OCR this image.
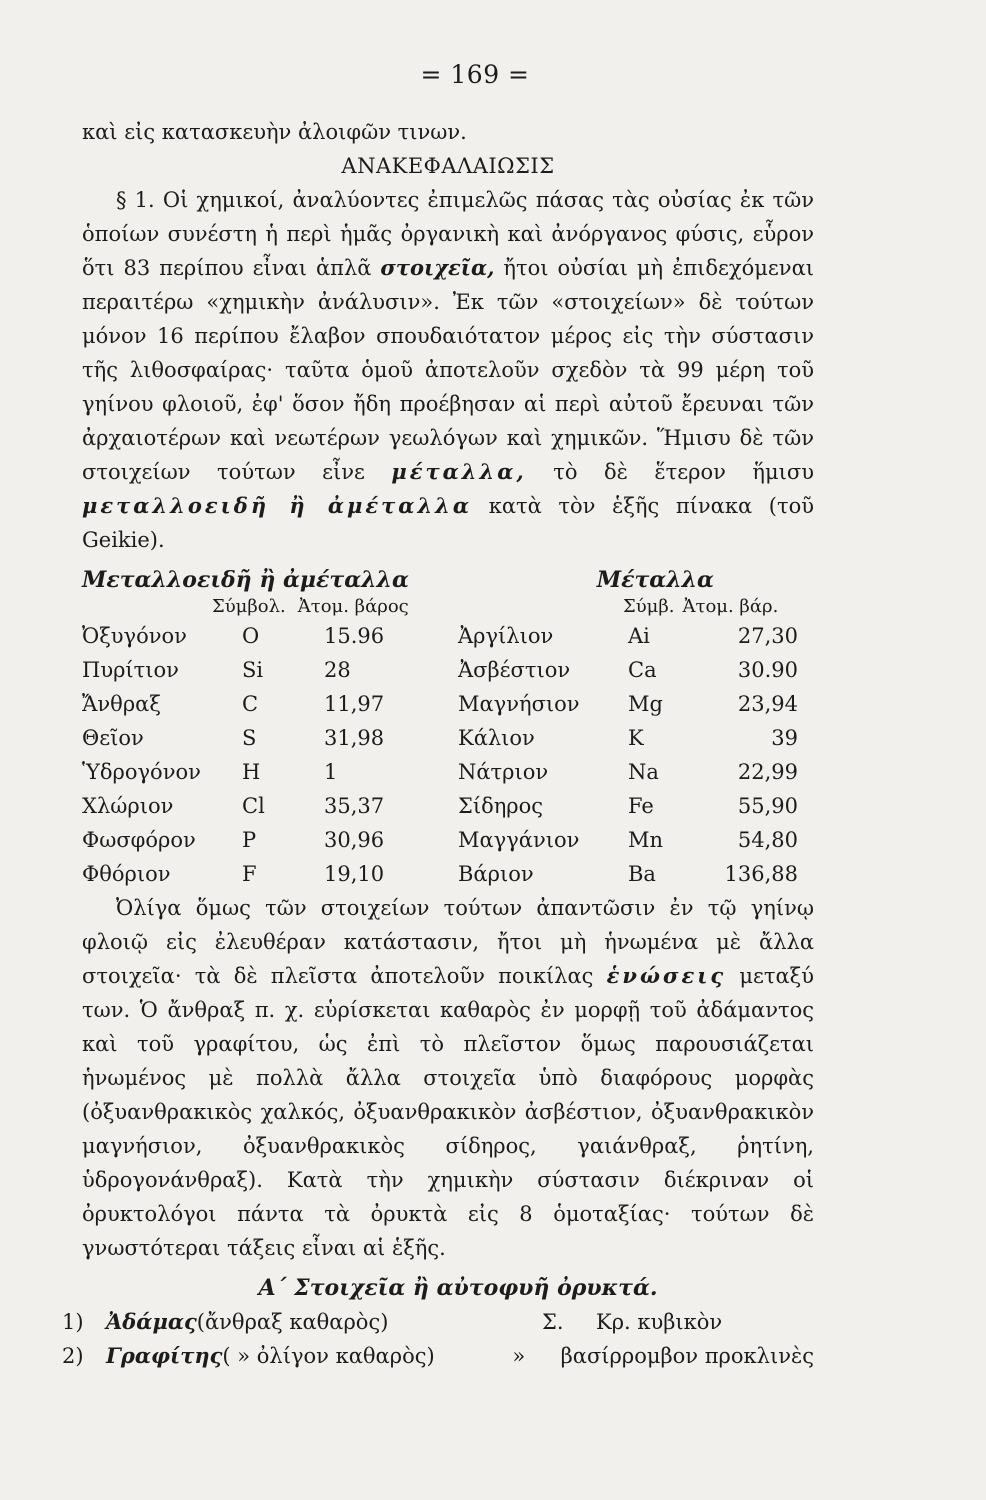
= 169 =
καὶ εἰς κατασκευὴν ἀλοιφῶν τινων.
ΑΝΑΚΕΦΑΛΑΙΩΣΙΣ
§ 1. Οἱ χημικοί, ἀναλύοντες ἐπιμελῶς πάσας τὰς οὐσίας ἐκ τῶν ὁποίων συνέστη ἡ περὶ ἡμᾶς ὀργανικὴ καὶ ἀνόργανος φύσις, εὗρον ὅτι 83 περίπου εἶναι ἁπλᾶ στοιχεῖα, ἤτοι οὐσίαι μὴ ἐπιδεχόμεναι περαιτέρω «χημικὴν ἀνάλυσιν». Ἐκ τῶν «στοιχείων» δὲ τούτων μόνον 16 περίπου ἔλαβον σπουδαιότατον μέρος εἰς τὴν σύστασιν τῆς λιθοσφαίρας· ταῦτα ὁμοῦ ἀποτελοῦν σχεδὸν τὰ 99 μέρη τοῦ γηίνου φλοιοῦ, ἐφ' ὅσον ἤδη προέβησαν αἱ περὶ αὐτοῦ ἔρευναι τῶν ἀρχαιοτέρων καὶ νεωτέρων γεωλόγων καὶ χημικῶν. Ἥμισυ δὲ τῶν στοιχείων τούτων εἶνε μέταλλα, τὸ δὲ ἕτερον ἥμισυ μεταλλοειδῆ ἢ ἀμέταλλα κατὰ τὸν ἑξῆς πίνακα (τοῦ Geikie).
Μεταλλοειδῆ ἢ ἀμέταλλα	Μέταλλα
Σύμβολ. Ἀτομ. βάρος
Ὀξυγόνον	O	15.96
Πυρίτιον	Si	28
Ἄνθραξ	C	11,97
Θεῖον	S	31,98
Ὑδρογόνον	H	1
Χλώριον	Cl	35,37
Φωσφόρον	P	30,96
Φθόριον	F	19,10
Σύμβ. Ἀτομ. βάρ.
Ἀργίλιον	Ai	27,30
Ἀσβέστιον	Ca	30.90
Μαγνήσιον	Mg	23,94
Κάλιον	K	39
Νάτριον	Na	22,99
Σίδηρος	Fe	55,90
Μαγγάνιον	Mn	54,80
Βάριον	Ba	136,88
Ὀλίγα ὅμως τῶν στοιχείων τούτων ἀπαντῶσιν ἐν τῷ γηίνῳ φλοιῷ εἰς ἐλευθέραν κατάστασιν, ἤτοι μὴ ἡνωμένα μὲ ἄλλα στοιχεῖα· τὰ δὲ πλεῖστα ἀποτελοῦν ποικίλας ἑνώσεις μεταξύ των. Ὁ ἄνθραξ π. χ. εὑρίσκεται καθαρὸς ἐν μορφῇ τοῦ ἀδάμαντος καὶ τοῦ γραφίτου, ὡς ἐπὶ τὸ πλεῖστον ὅμως παρουσιάζεται ἡνωμένος μὲ πολλὰ ἄλλα στοιχεῖα ὑπὸ διαφόρους μορφὰς (ὀξυανθρακικὸς χαλκός, ὀξυανθρακικὸν ἀσβέστιον, ὀξυανθρακικὸν μαγνήσιον, ὀξυανθρακικὸς σίδηρος, γαιάνθραξ, ῥητίνη, ὑδρογονάνθραξ). Κατὰ τὴν χημικὴν σύστασιν διέκριναν οἱ ὀρυκτολόγοι πάντα τὰ ὀρυκτὰ εἰς 8 ὁμοταξίας· τούτων δὲ γνωστότεραι τάξεις εἶναι αἱ ἑξῆς.
Α΄ Στοιχεῖα ἢ αὐτοφυῆ ὀρυκτά.
1)	Ἀδάμας (ἄνθραξ καθαρὸς)	Σ.	Κρ. κυβικὸν
2)	Γραφίτης ( » ὀλίγον καθαρὸς)	»	βασίρρομβον προκλινὲς
